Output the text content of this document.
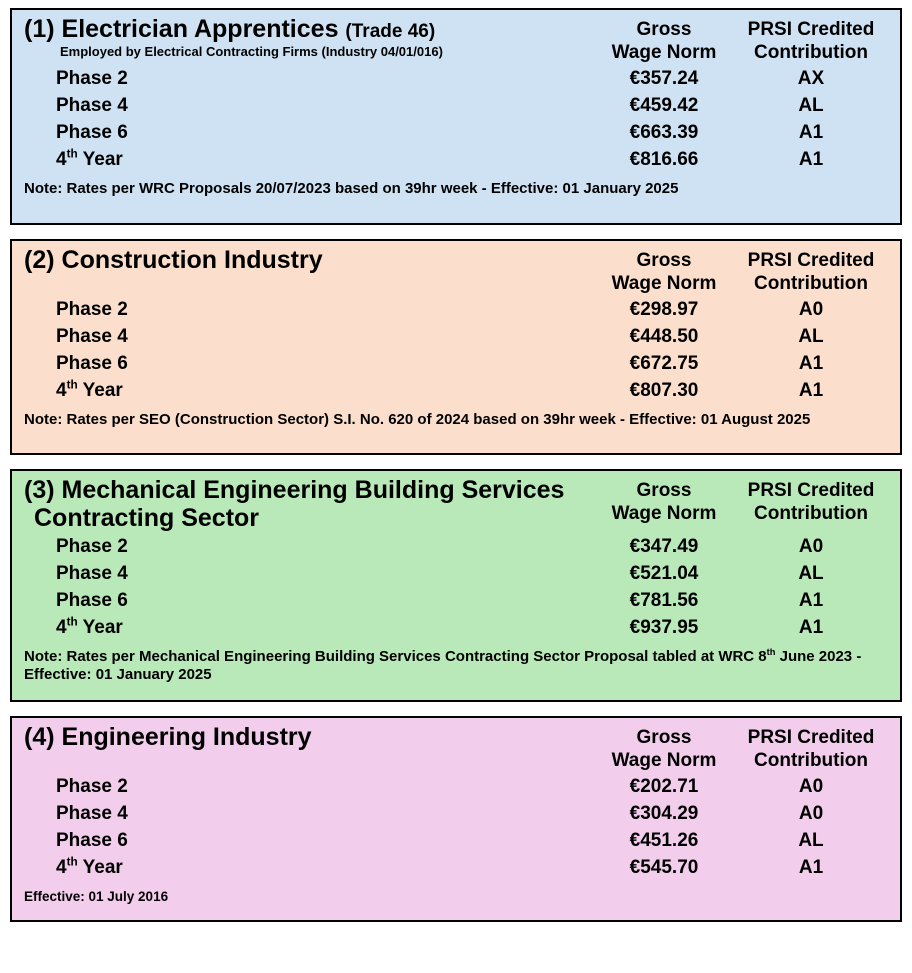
(1) Electrician Apprentices (Trade 46)
Employed by Electrical Contracting Firms (Industry 04/01/016)
Gross
Wage Norm
PRSI Credited
Contribution
Phase 2	€357.24	AX
Phase 4	€459.42	AL
Phase 6	€663.39	A1
4th Year	€816.66	A1
Note: Rates per WRC Proposals 20/07/2023 based on 39hr week - Effective: 01 January 2025
(2) Construction Industry	Gross
Wage Norm
PRSI Credited
Contribution
Phase 2	€298.97	A0
Phase 4	€448.50	AL
Phase 6	€672.75	A1
4th Year	€807.30	A1
Note: Rates per SEO (Construction Sector) S.I. No. 620 of 2024 based on 39hr week - Effective: 01 August 2025
(3) Mechanical Engineering Building Services
Contracting Sector
Gross
Wage Norm
PRSI Credited
Contribution
Phase 2	€347.49	A0
Phase 4	€521.04	AL
Phase 6	€781.56	A1
4th Year	€937.95	A1
Note: Rates per Mechanical Engineering Building Services Contracting Sector Proposal tabled at WRC 8th June 2023 - Effective: 01 January 2025
(4) Engineering Industry	Gross
Wage Norm
PRSI Credited
Contribution
Phase 2	€202.71	A0
Phase 4	€304.29	A0
Phase 6	€451.26	AL
4th Year	€545.70	A1
Effective: 01 July 2016
